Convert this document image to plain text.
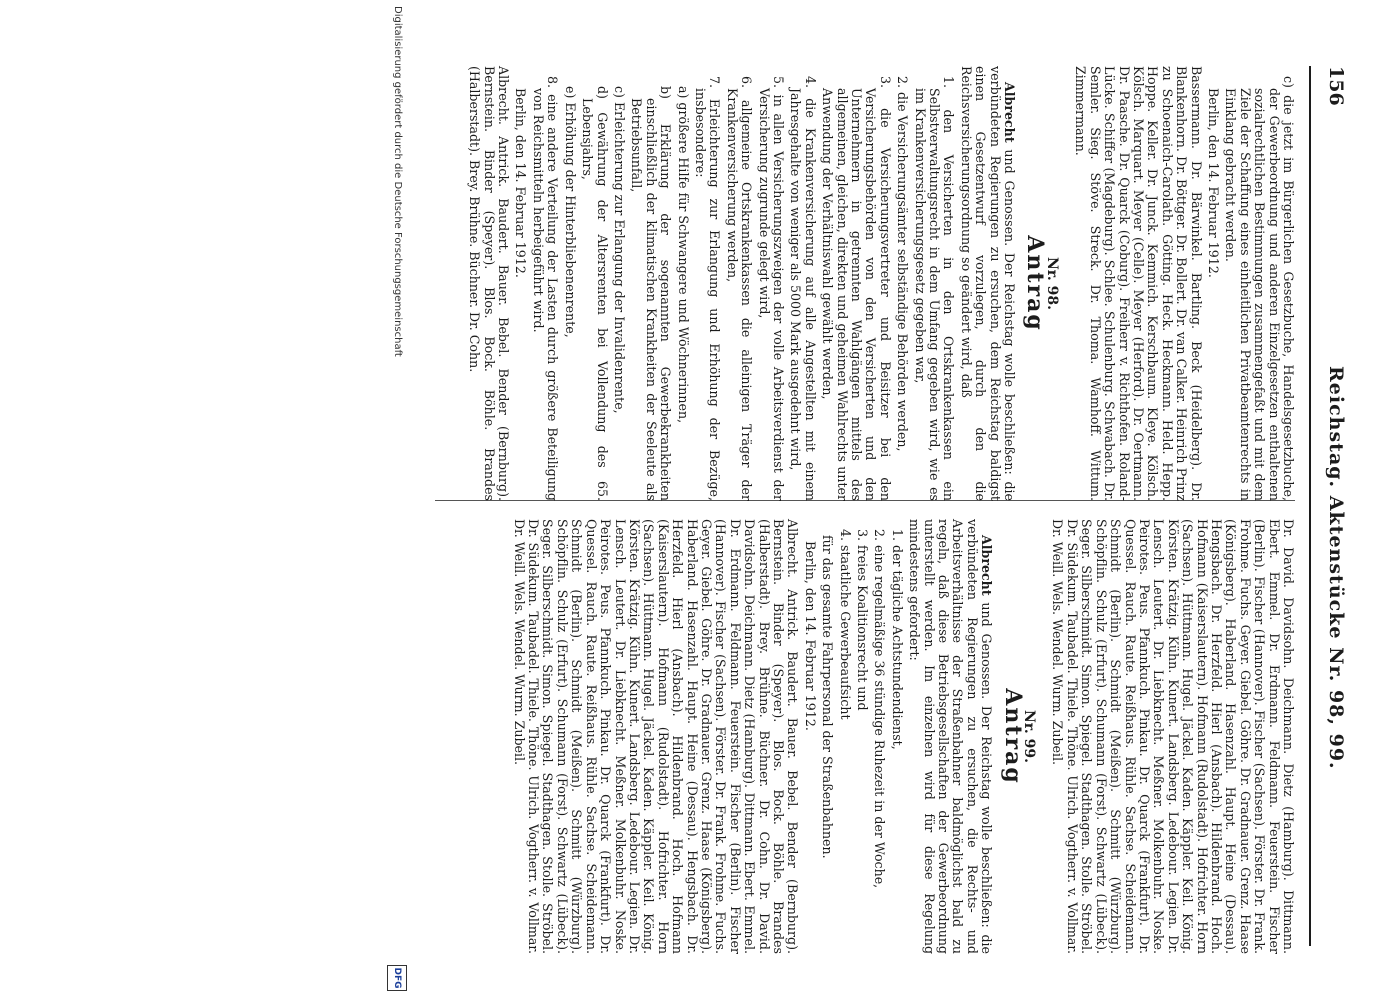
156
Reichstag. Aktenstücke Nr. 98, 99.

c) die jetzt im Bürgerlichen Gesetzbuche, Handelsgesetzbuche, der Gewerbeordnung und anderen Einzelgesetzen enthaltenen sozialrechtlichen Bestimmungen zusammengefaßt und mit dem Ziele der Schaffung eines einheitlichen Privatbeamtenrechts in Einklang gebracht werden.

Berlin, den 14. Februar 1912.

Bassermann. Dr. Bärwinkel. Bartling. Beck (Heidelberg). Dr. Blankenhorn. Dr. Böttger. Dr. Bollert. Dr. van Calker. Heinrich Prinz zu Schoenaich-Carolath. Götting. Heck. Heckmann. Held. Hepp. Hoppe. Keller. Dr. Junck. Kemmich. Kerschbaum. Kleye. Kölsch. Kölsch. Marquart. Meyer (Celle). Meyer (Herford). Dr. Oertmann. Dr. Paasche. Dr. Quarck (Coburg). Freiherr v. Richthofen. Roland-Lücke. Schiffer (Magdeburg). Schlee. Schulenburg. Schwabach. Dr. Semler. Sieg. Stöve. Streck. Dr. Thoma. Wamhoff. Wittum. Zimmermann.

Nr. 98.

Antrag

Albrecht und Genossen. Der Reichstag wolle beschließen: die verbündeten Regierungen zu ersuchen, dem Reichstag baldigst einen Gesetzentwurf vorzulegen, durch den die Reichsversicherungsordnung so geändert wird, daß

1. den Versicherten in den Ortskrankenkassen ein Selbstverwaltungsrecht in dem Umfang gegeben wird, wie es im Krankenversicherungsgesetz gegeben war,

2. die Versicherungsämter selbständige Behörden werden,

3. die Versicherungsvertreter und Beisitzer bei den Versicherungsbehörden von den Versicherten und den Unternehmern in getrennten Wahlgängen mittels des allgemeinen, gleichen, direkten und geheimen Wahlrechts unter Anwendung der Verhältniswahl gewählt werden,

4. die Krankenversicherung auf alle Angestellten mit einem Jahresgehalte von weniger als 5000 Mark ausgedehnt wird,

5. in allen Versicherungszweigen der volle Arbeitsverdienst der Versicherung zugrunde gelegt wird,

6. allgemeine Ortskrankenkassen die alleinigen Träger der Krankenversicherung werden,

7. Erleichterung zur Erlangung und Erhöhung der Bezüge, insbesondere:

a) größere Hilfe für Schwangere und Wöchnerinnen,

b) Erklärung der sogenannten Gewerbekrankheiten einschließlich der klimatischen Krankheiten der Seeleute als Betriebsunfall,

c) Erleichterung zur Erlangung der Invalidenrente,

d) Gewährung der Altersrenten bei Vollendung des 65. Lebensjahrs,

e) Erhöhung der Hinterbliebenenrente,

8. eine andere Verteilung der Lasten durch größere Beteiligung von Reichsmitteln herbeigeführt wird.

Berlin, den 14. Februar 1912.

Albrecht. Antrick. Baudert. Bauer. Bebel. Bender (Bernburg). Bernstein. Binder (Speyer). Blos. Bock. Böhle. Brandes (Halberstadt). Brey. Brühne. Büchner. Dr. Cohn.

Dr. David. Davidsohn. Deichmann. Dietz (Hamburg). Dittmann. Ebert. Emmel. Dr. Erdmann. Feldmann. Feuerstein. Fischer (Berlin). Fischer (Hannover). Fischer (Sachsen). Förster. Dr. Frank. Frohme. Fuchs. Geyer. Giebel. Göhre. Dr. Gradnauer. Grenz. Haase (Königsberg). Haberland. Hasenzahl. Haupt. Heine (Dessau). Hengsbach. Dr. Herzfeld. Hierl (Ansbach). Hildenbrand. Hoch. Hofmann (Kaiserslautern). Hofmann (Rudolstadt). Hofrichter. Horn (Sachsen). Hüttmann. Hugel. Jäckel. Kaden. Käppler. Keil. König. Körsten. Krätzig. Kühn. Kunert. Landsberg. Ledebour. Legien. Dr. Lensch. Leutert. Dr. Liebknecht. Meßner. Molkenbuhr. Noske. Peirotes. Peus. Pfannkuch. Pinkau. Dr. Quarck (Frankfurt). Dr. Quessel. Rauch. Raute. Reißhaus. Rühle. Sachse. Scheidemann. Schmidt (Berlin). Schmidt (Meißen). Schmitt (Würzburg). Schöpflin. Schulz (Erfurt). Schumann (Forst). Schwartz (Lübeck). Seger. Silberschmidt. Simon. Spiegel. Stadthagen. Stolle. Ströbel. Dr. Südekum. Taubadel. Thiele. Thöne. Ulrich. Vogtherr. v. Vollmar. Dr. Weill. Wels. Wendel. Wurm. Zubeil.

Nr. 99.

Antrag

Albrecht und Genossen. Der Reichstag wolle beschließen: die verbündeten Regierungen zu ersuchen, die Rechts- und Arbeitsverhältnisse der Straßenbahner baldmöglichst bald zu regeln, daß diese Betriebsgesellschaften der Gewerbeordnung unterstellt werden. Im einzelnen wird für diese Regelung mindestens gefordert:

1. der tägliche Achtstundendienst,

2. eine regelmäßige 36 stündige Ruhezeit in der Woche,

3. freies Koalitionsrecht und

4. staatliche Gewerbeaufsicht

für das gesamte Fahrpersonal der Straßenbahnen.

Berlin, den 14. Februar 1912.

Albrecht. Antrick. Baudert. Bauer. Bebel. Bender (Bernburg). Bernstein. Binder (Speyer). Blos. Bock. Böhle. Brandes (Halberstadt). Brey. Brühne. Büchner. Dr. Cohn. Dr. David. Davidsohn. Deichmann. Dietz (Hamburg). Dittmann. Ebert. Emmel. Dr. Erdmann. Feldmann. Feuerstein. Fischer (Berlin). Fischer (Hannover). Fischer (Sachsen). Förster. Dr. Frank. Frohme. Fuchs. Geyer. Giebel. Göhre. Dr. Gradnauer. Grenz. Haase (Königsberg). Haberland. Hasenzahl. Haupt. Heine (Dessau). Hengsbach. Dr. Herzfeld. Hierl (Ansbach). Hildenbrand. Hoch. Hofmann (Kaiserslautern). Hofmann (Rudolstadt). Hofrichter. Horn (Sachsen). Hüttmann. Hugel. Jäckel. Kaden. Käppler. Keil. König. Körsten. Krätzig. Kühn. Kunert. Landsberg. Ledebour. Legien. Dr. Lensch. Leutert. Dr. Liebknecht. Meßner. Molkenbuhr. Noske. Peirotes. Peus. Pfannkuch. Pinkau. Dr. Quarck (Frankfurt). Dr. Quessel. Rauch. Raute. Reißhaus. Rühle. Sachse. Scheidemann. Schmidt (Berlin). Schmidt (Meißen). Schmitt (Würzburg). Schöpflin. Schulz (Erfurt). Schumann (Forst). Schwartz (Lübeck). Seger. Silberschmidt. Simon. Spiegel. Stadthagen. Stolle. Ströbel. Dr. Südekum. Taubadel. Thiele. Thöne. Ulrich. Vogtherr. v. Vollmar. Dr. Weill. Wels. Wendel. Wurm. Zubeil.

Digitalisierung gefördert durch die Deutsche Forschungsgemeinschaft
DFG
